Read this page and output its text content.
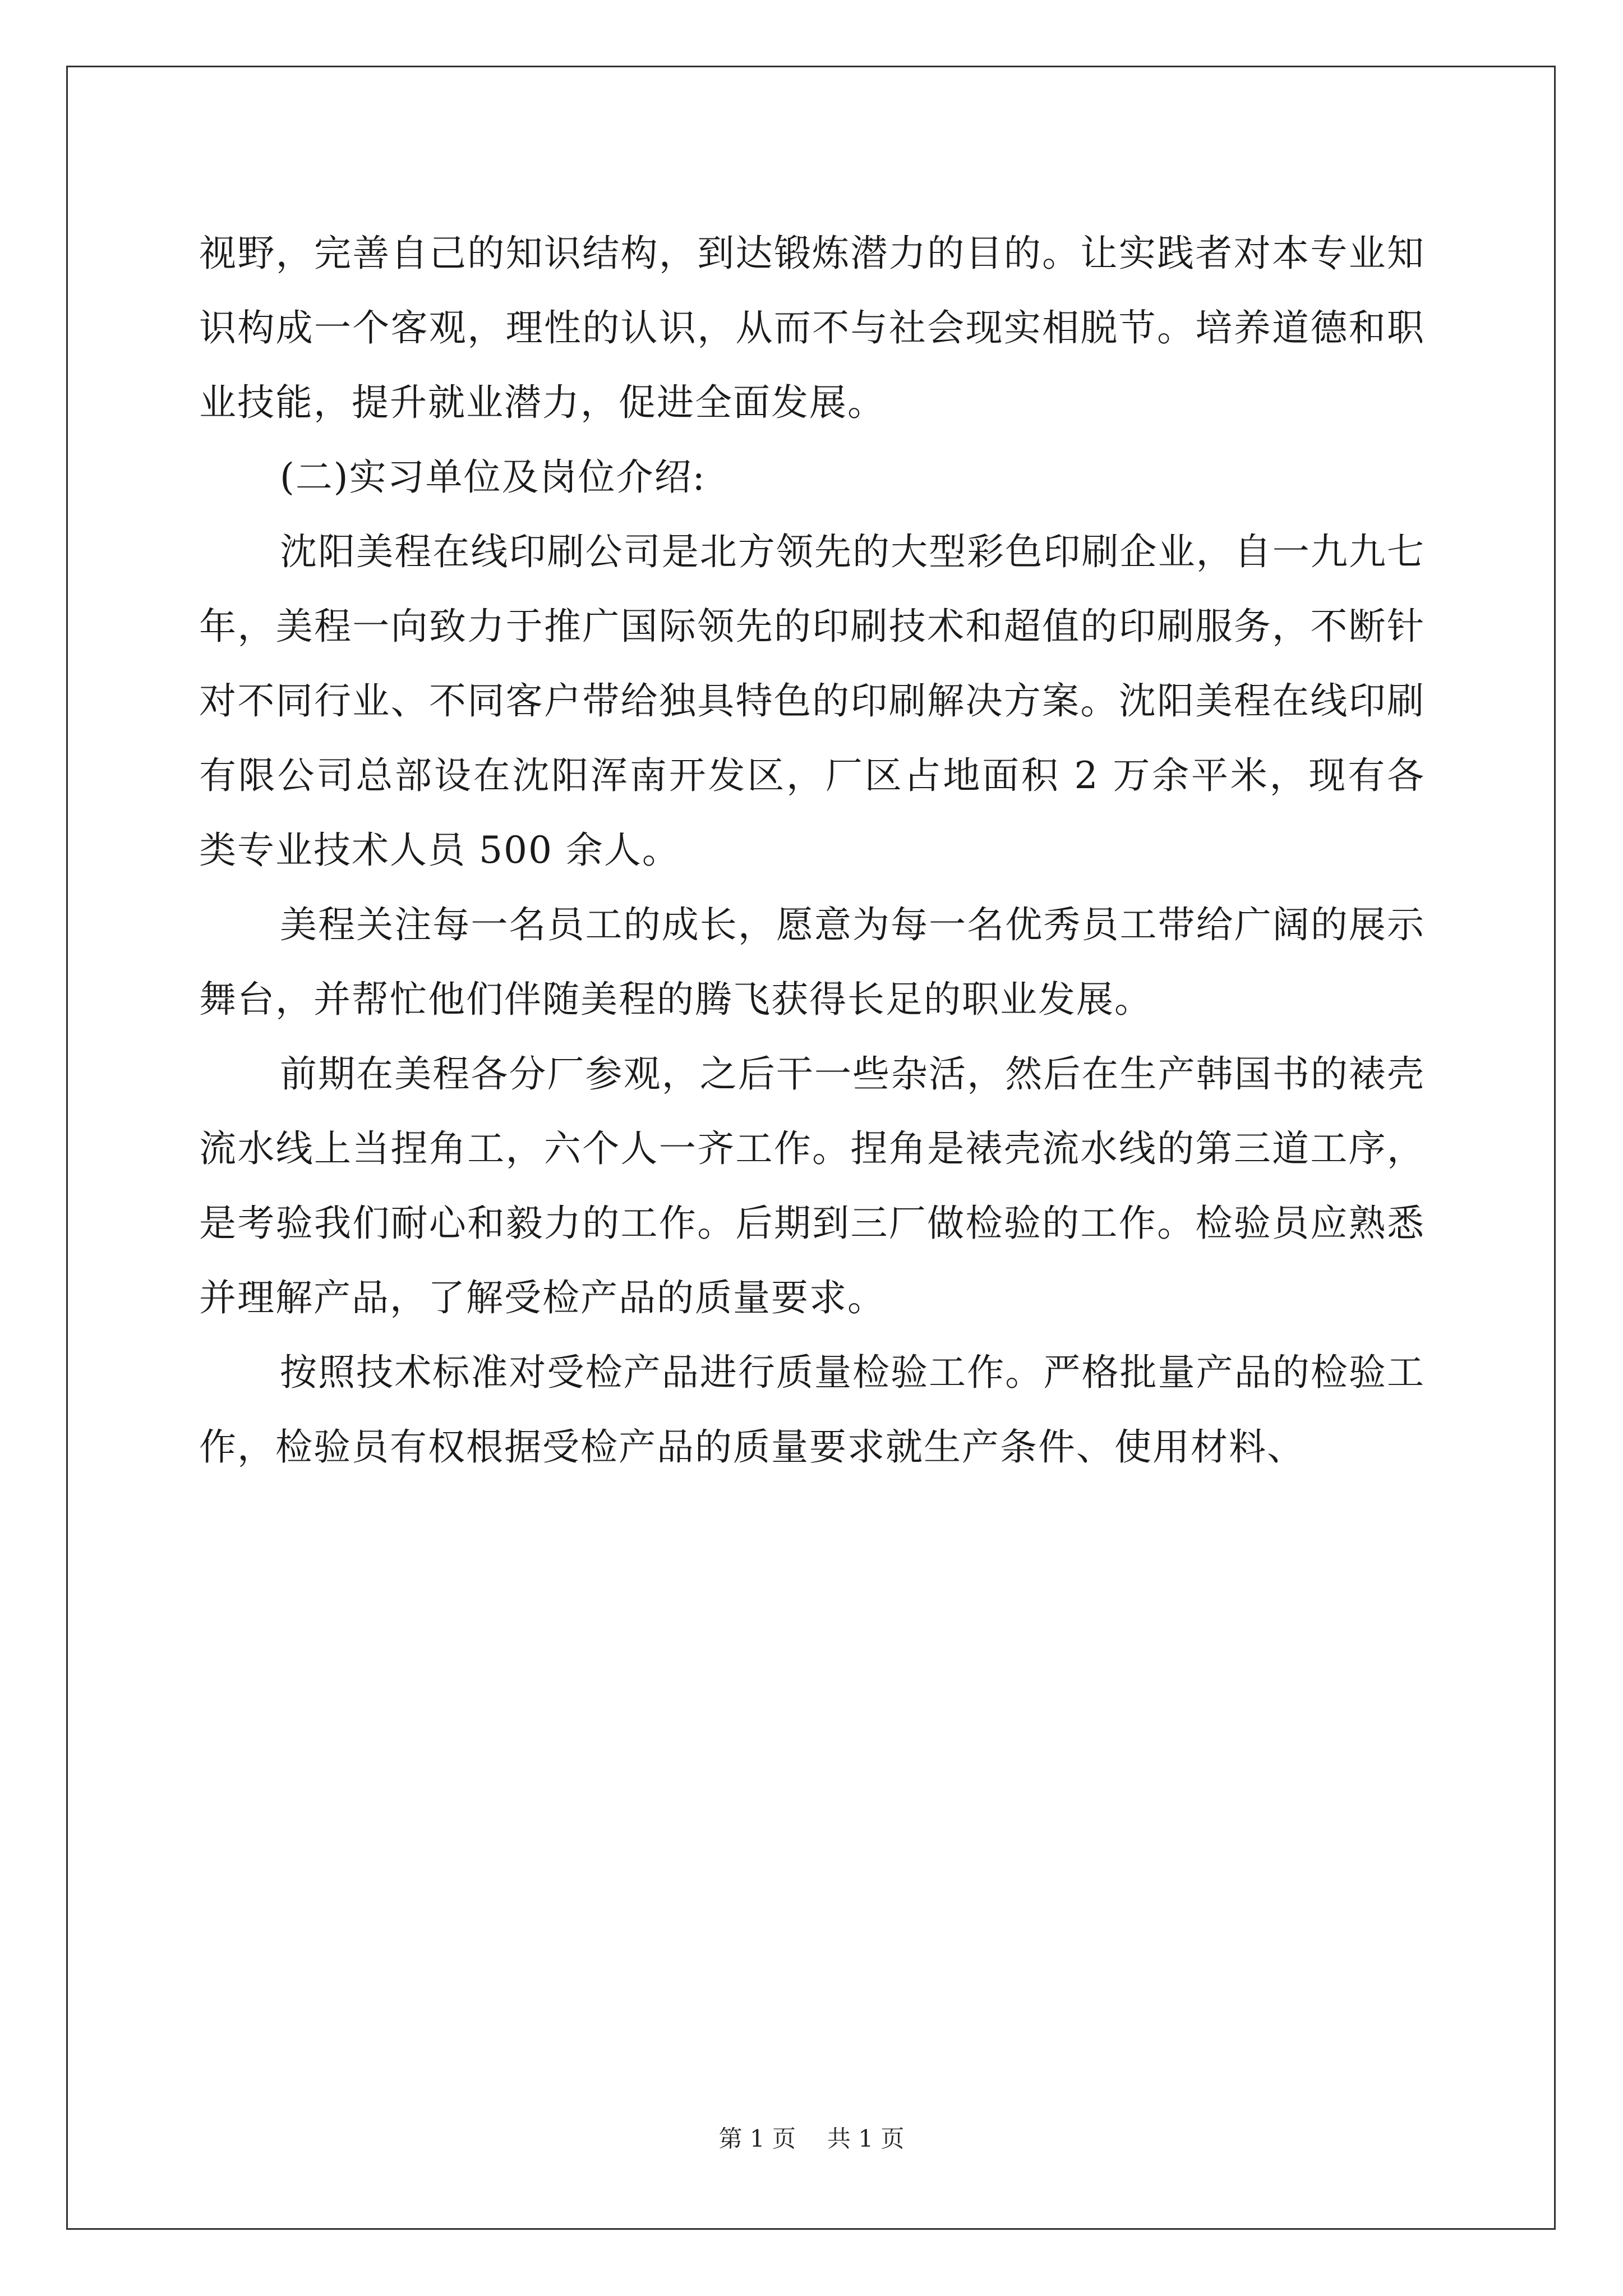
视野，完善自己的知识结构，到达锻炼潜力的目的。让实践者对本专业知识构成一个客观，理性的认识，从而不与社会现实相脱节。培养道德和职业技能，提升就业潜力，促进全面发展。

(二)实习单位及岗位介绍:

沈阳美程在线印刷公司是北方领先的大型彩色印刷企业，自一九九七年，美程一向致力于推广国际领先的印刷技术和超值的印刷服务，不断针对不同行业、不同客户带给独具特色的印刷解决方案。沈阳美程在线印刷有限公司总部设在沈阳浑南开发区，厂区占地面积 2 万余平米，现有各类专业技术人员 500 余人。

美程关注每一名员工的成长，愿意为每一名优秀员工带给广阔的展示舞台，并帮忙他们伴随美程的腾飞获得长足的职业发展。

前期在美程各分厂参观，之后干一些杂活，然后在生产韩国书的裱壳流水线上当捏角工，六个人一齐工作。捏角是裱壳流水线的第三道工序，是考验我们耐心和毅力的工作。后期到三厂做检验的工作。检验员应熟悉并理解产品，了解受检产品的质量要求。

按照技术标准对受检产品进行质量检验工作。严格批量产品的检验工作，检验员有权根据受检产品的质量要求就生产条件、使用材料、

第 1 页 共 1 页
